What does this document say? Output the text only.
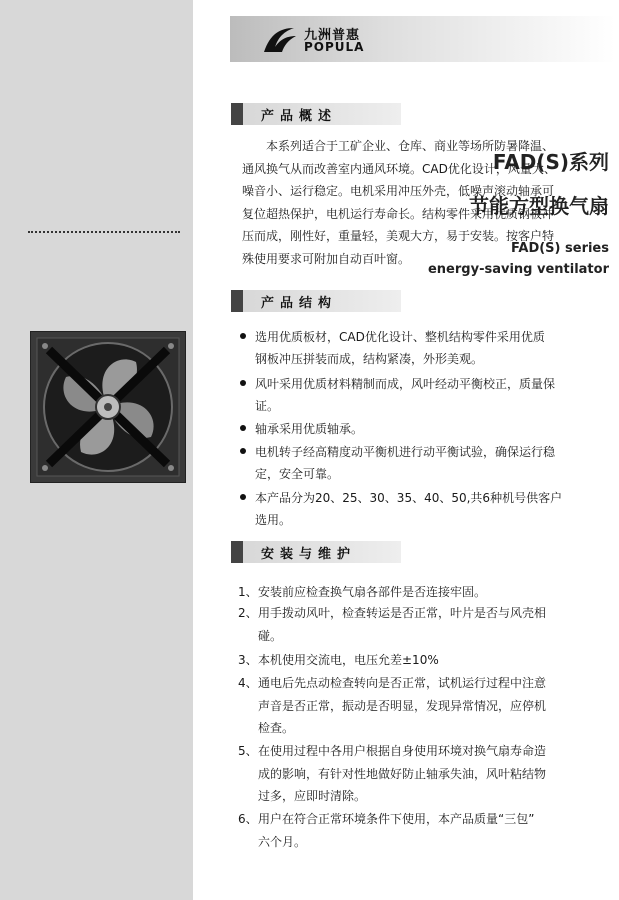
FAD(S)系列
节能方型换气扇
FAD(S) series
energy-saving ventilator
九洲普惠
POPULA
产品概述
本系列适合于工矿企业、仓库、商业等场所防暑降温、
通风换气从而改善室内通风环境。CAD优化设计，风量大、
噪音小、运行稳定。电机采用冲压外壳，低噪声滚动轴承可
复位超热保护，电机运行寿命长。结构零件采用优质钢板冲
压而成，刚性好，重量轻，美观大方，易于安装。按客户特
殊使用要求可附加自动百叶窗。
产品结构
选用优质板材，CAD优化设计、整机结构零件采用优质
钢板冲压拼装而成，结构紧凑，外形美观。
风叶采用优质材料精制而成，风叶经动平衡校正，质量保
证。
轴承采用优质轴承。
电机转子经高精度动平衡机进行动平衡试验，确保运行稳
定，安全可靠。
本产品分为20、25、30、35、40、50,共6种机号供客户
选用。
安装与维护
1、 安装前应检查换气扇各部件是否连接牢固。
2、 用手拨动风叶，检查转运是否正常，叶片是否与风壳相
碰。
3、 本机使用交流电，电压允差±10%
4、 通电后先点动检查转向是否正常，试机运行过程中注意
声音是否正常，振动是否明显，发现异常情况，应停机
检查。
5、 在使用过程中各用户根据自身使用环境对换气扇寿命造
成的影响，有针对性地做好防止轴承失油，风叶粘结物
过多，应即时清除。
6、 用户在符合正常环境条件下使用，本产品质量“三包”
六个月。
